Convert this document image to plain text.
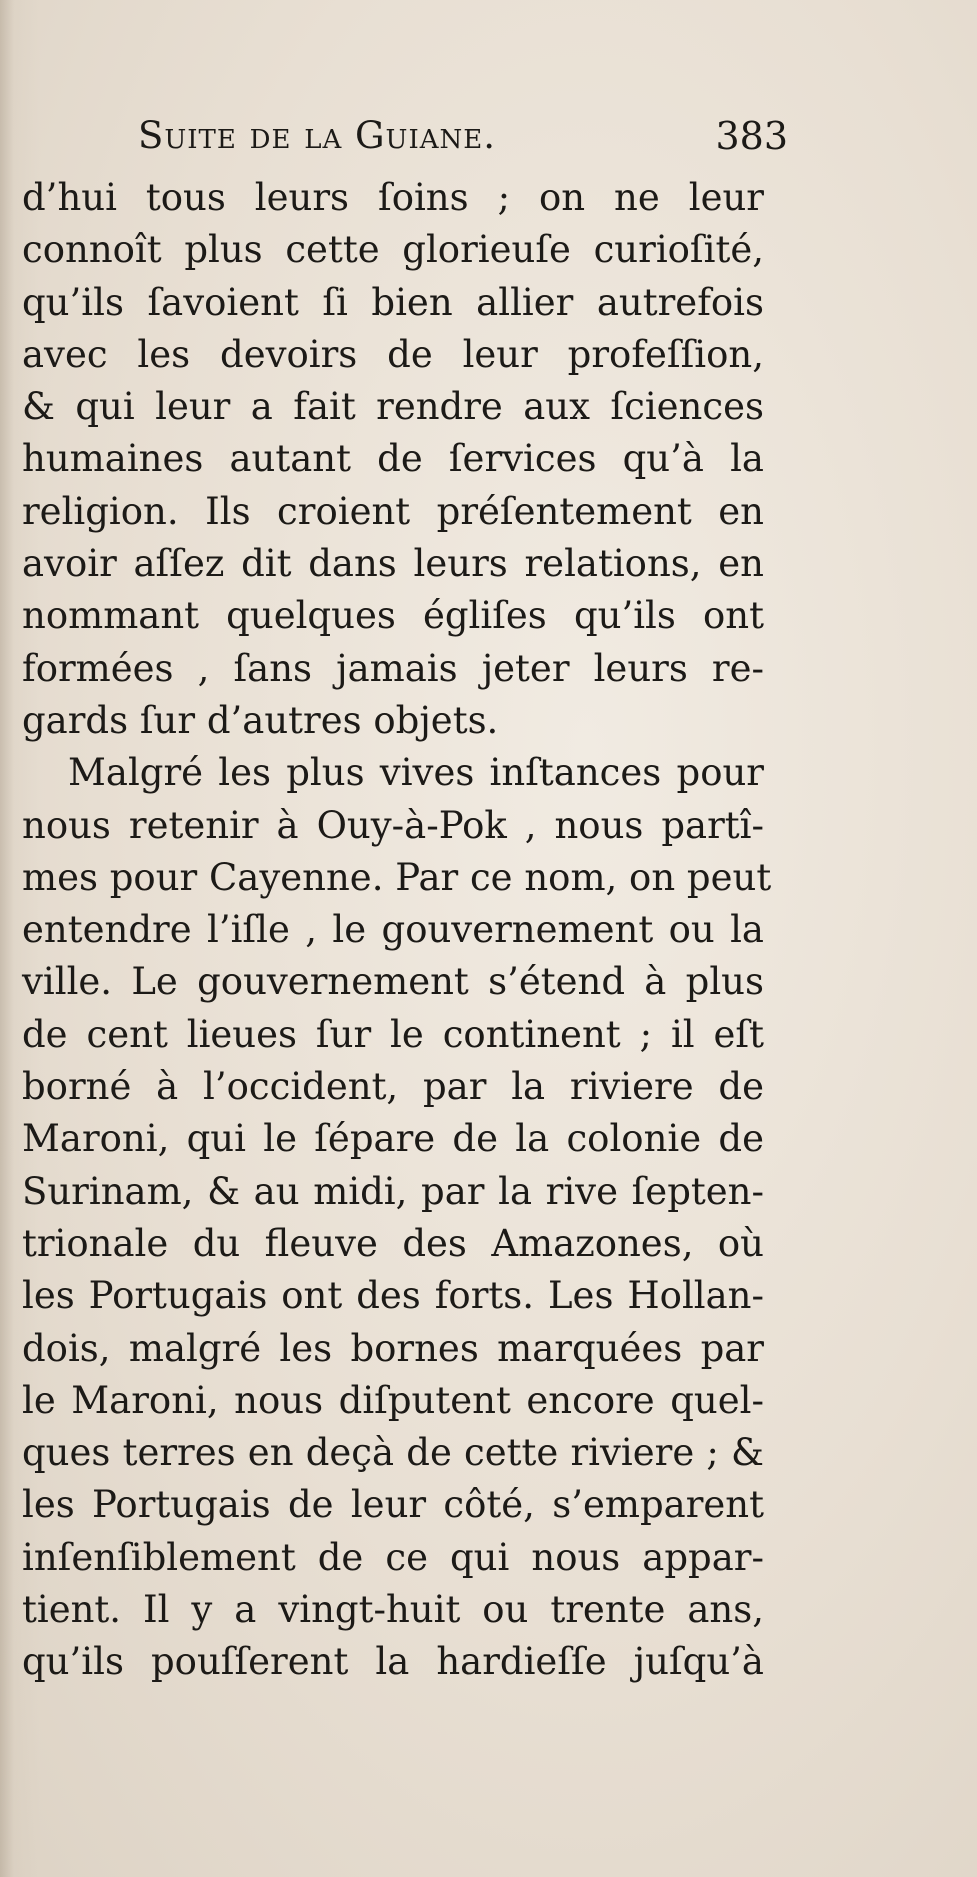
Suite de la Guiane.	383
d’hui tous leurs ſoins ; on ne leur
connoît plus cette glorieuſe curioſité,
qu’ils ſavoient ſi bien allier autrefois
avec les devoirs de leur profeſſion,
& qui leur a fait rendre aux ſciences
humaines autant de ſervices qu’à la
religion. Ils croient préſentement en
avoir aſſez dit dans leurs relations, en
nommant quelques égliſes qu’ils ont
formées , ſans jamais jeter leurs re-
gards ſur d’autres objets.
Malgré les plus vives inſtances pour
nous retenir à Ouy-à-Pok , nous partî-
mes pour Cayenne. Par ce nom, on peut
entendre l’iſle , le gouvernement ou la
ville. Le gouvernement s’étend à plus
de cent lieues ſur le continent ; il eſt
borné à l’occident, par la riviere de
Maroni, qui le ſépare de la colonie de
Surinam, & au midi, par la rive ſepten-
trionale du fleuve des Amazones, où
les Portugais ont des forts. Les Hollan-
dois, malgré les bornes marquées par
le Maroni, nous diſputent encore quel-
ques terres en deçà de cette riviere ; &
les Portugais de leur côté, s’emparent
inſenſiblement de ce qui nous appar-
tient. Il y a vingt-huit ou trente ans,
qu’ils pouſſerent la hardieſſe juſqu’à
